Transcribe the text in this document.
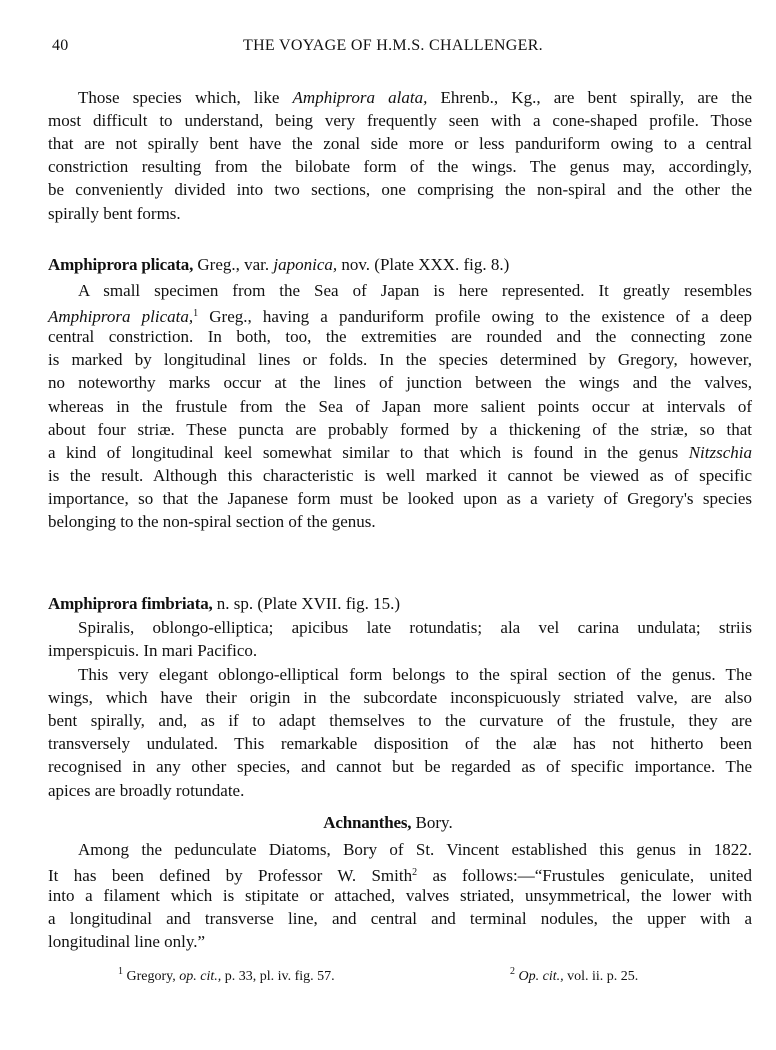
40	THE VOYAGE OF H.M.S. CHALLENGER.
Those species which, like Amphiprora alata, Ehrenb., Kg., are bent spirally, are the
most difficult to understand, being very frequently seen with a cone-shaped profile. Those
that are not spirally bent have the zonal side more or less panduriform owing to a central
constriction resulting from the bilobate form of the wings. The genus may, accordingly,
be conveniently divided into two sections, one comprising the non-spiral and the other the
spirally bent forms.
Amphiprora plicata, Greg., var. japonica, nov. (Plate XXX. fig. 8.)
A small specimen from the Sea of Japan is here represented. It greatly resembles
Amphiprora plicata,$^1$ Greg., having a panduriform profile owing to the existence of a deep
central constriction. In both, too, the extremities are rounded and the connecting zone
is marked by longitudinal lines or folds. In the species determined by Gregory, however,
no noteworthy marks occur at the lines of junction between the wings and the valves,
whereas in the frustule from the Sea of Japan more salient points occur at intervals of
about four striæ. These puncta are probably formed by a thickening of the striæ, so that
a kind of longitudinal keel somewhat similar to that which is found in the genus Nitzschia
is the result. Although this characteristic is well marked it cannot be viewed as of specific
importance, so that the Japanese form must be looked upon as a variety of Gregory's species
belonging to the non-spiral section of the genus.
Amphiprora fimbriata, n. sp. (Plate XVII. fig. 15.)
Spiralis, oblongo-elliptica; apicibus late rotundatis; ala vel carina undulata; striis
imperspicuis. In mari Pacifico.
This very elegant oblongo-elliptical form belongs to the spiral section of the genus. The
wings, which have their origin in the subcordate inconspicuously striated valve, are also
bent spirally, and, as if to adapt themselves to the curvature of the frustule, they are
transversely undulated. This remarkable disposition of the alæ has not hitherto been
recognised in any other species, and cannot but be regarded as of specific importance. The
apices are broadly rotundate.
Achnanthes, Bory.
Among the pedunculate Diatoms, Bory of St. Vincent established this genus in 1822.
It has been defined by Professor W. Smith$^2$ as follows:—“Frustules geniculate, united
into a filament which is stipitate or attached, valves striated, unsymmetrical, the lower with
a longitudinal and transverse line, and central and terminal nodules, the upper with a
longitudinal line only.”
$^1$ Gregory, op. cit., p. 33, pl. iv. fig. 57.	$^2$ Op. cit., vol. ii. p. 25.
